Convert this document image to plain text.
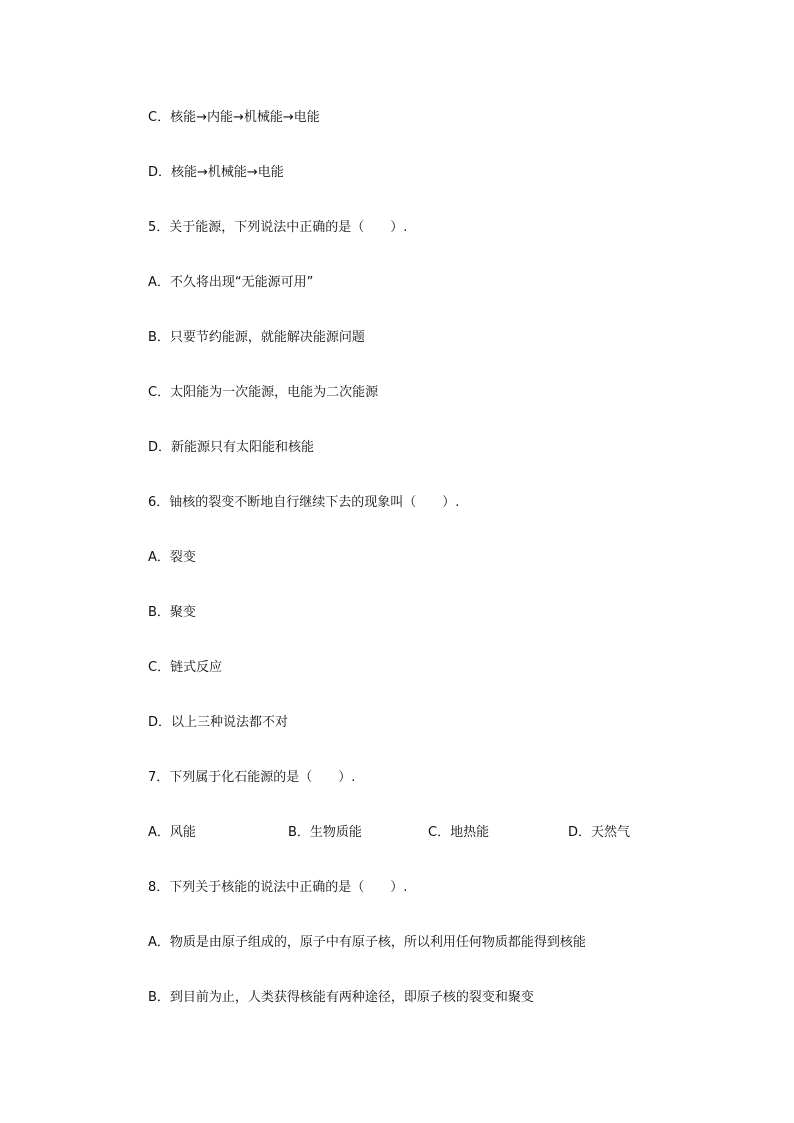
C．核能→内能→机械能→电能
D．核能→机械能→电能
5．关于能源，下列说法中正确的是（　　）.
A．不久将出现“无能源可用”
B．只要节约能源，就能解决能源问题
C．太阳能为一次能源，电能为二次能源
D．新能源只有太阳能和核能
6．铀核的裂变不断地自行继续下去的现象叫（　　）.
A．裂变
B．聚变
C．链式反应
D．以上三种说法都不对
7．下列属于化石能源的是（　　）.
A．风能	B．生物质能	C．地热能	D．天然气
8．下列关于核能的说法中正确的是（　　）.
A．物质是由原子组成的，原子中有原子核，所以利用任何物质都能得到核能
B．到目前为止，人类获得核能有两种途径，即原子核的裂变和聚变
